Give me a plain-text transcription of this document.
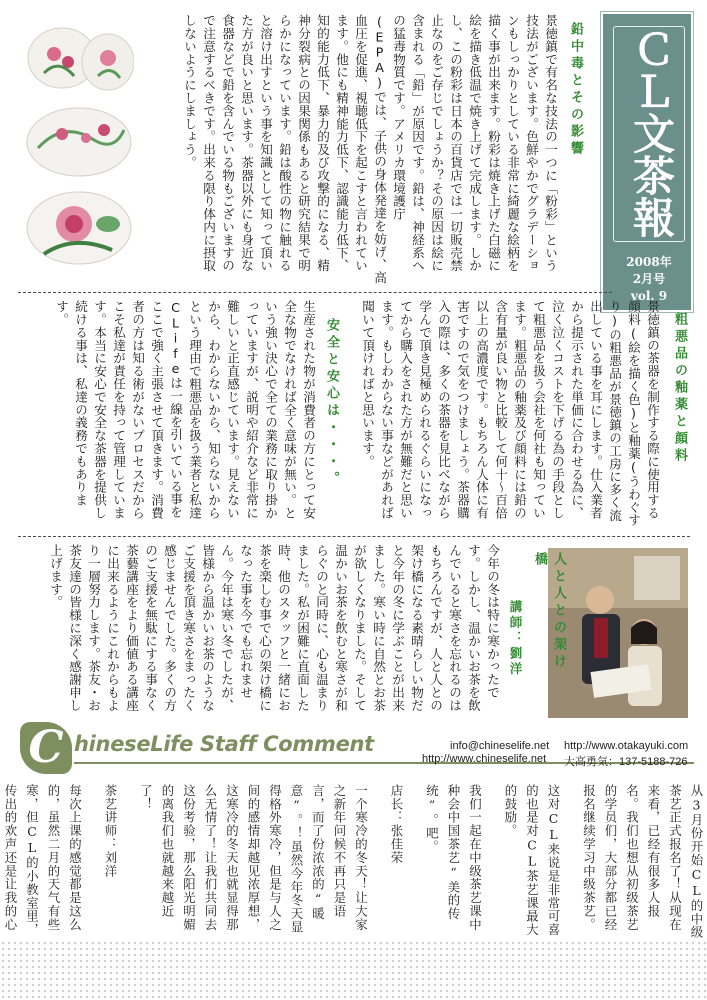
ＣＬ文茶報
2008年
2月号
vol. 9
鉛中毒とその影響
景徳鎮で有名な技法の一つに「粉彩」という技法がございます。色鮮やかでグラデーションもしっかりとしている非常に綺麗な絵柄を描く事が出来ます。粉彩は焼き上げた白磁に絵を描き低温で焼き上げて完成します。しかし、この粉彩は日本の百貨店では一切販売禁止なのをご存じでしょうか？その原因は絵に含まれる「鉛」が原因です。鉛は、神経系への猛毒物質です。アメリカ環境護庁(EPA)では、子供の身体発達を妨げ、高血圧を促進、視聴低下を起こすと言われています。他にも精神能力低下、認識能力低下、知的能力低下、暴力的及び攻撃的になる、精神分裂病との因果関係もあると研究結果で明らかになっています。鉛は酸性の物に触れると溶け出すという事を知識として知って頂いた方が良いと思います。茶器以外にも身近な食器などで鉛を含んでいる物もございますので注意するべきです。出来る限り体内に摂取しないようにしましょう。
粗悪品の釉薬と顔料
景徳鎮の茶器を制作する際に使用する顔料(絵を描く色)と釉薬(うわぐすり)の粗悪品が景徳鎮の工房に多く流出している事を耳にします。仕入業者から提示された単価に合わせる為に、泣く泣くコストを下げる為の手段として粗悪品を扱う会社を何社も知っています。粗悪品の釉薬及び顔料には鉛の含有量が良い物と比較して何十～百倍以上の高濃度です。もちろん人体に有害ですので気をつけましょう。茶器購入の際は、多くの茶器を見比べながら学んで頂き見極められるぐらいになってから購入をされた方が無難だと思います。もしわからない事などがあれば聞いて頂ければと思います。
安全と安心は・・・。
生産された物が消費者の方にとって安全な物でなければ全く意味が無い。という強い決心で全ての業務に取り掛かっていますが、説明や紹介など非常に難しいと正直感じています。見えないから、わからないから、知らないからという理由で粗悪品を扱う業者と私達CLifeは一線を引いている事をここで強く主張させて頂きます。消費者の方は知る術がないプロセスだからこそ私達が責任を持って管理しています。本当に安心で安全な茶器を提供し続ける事は、私達の義務でもあります。
人と人との架け橋
講師：劉洋
今年の冬は特に寒かったです。しかし、温かいお茶を飲んでいると寒さを忘れるのはもちろんですが、人と人との架け橋になる素晴らしい物だと今年の冬に学ぶことが出来ました。寒い時に自然とお茶が欲しくなりました。そして温かいお茶を飲むと寒さが和らぐのと同時に、心も温まりました。私が困難に直面した時、他のスタッフと一緒にお茶を楽しむ事で心の架け橋になった事を今でも忘れません。今年は寒い冬でしたが、皆様から温かいお茶のようなご支援を頂き寒さをまったく感じませんでした。多くの方のご支援を無駄にする事なく茶藝講座をより価値ある講座に出来るようにこれからもより一層努力します。茶友・お茶友達の皆様に深く感謝申し上げます。
C hineseLife Staff Comment	info@chineselife.net
http://www.chineselife.net
http://www.otakayuki.com
大高勇気：137-5188-726
从3月份开始CL的中级茶艺正式报名了！从现在来看，已经有很多人报名。我们也想从初级茶艺的学员们，大部分都已经报名继续学习中级茶艺。
这对CL来说是非常可喜的也是对CL茶艺课最大的鼓励。
我们一起在中级茶艺课中种会中国茶艺“美的传统”。吧。
店长：张佳荣
一个寒冷的冬天！让大家之新年问候不再只是语言，而了份浓浓的“暖意”。！虽然今年冬天显得格外寒冷，但是与人之间的感情却越见浓厚想，这寒冷的冬天也就显得那么无情了！让我们共同去这份考验，那么阳光明媚的离我们也就越来越近了！
茶艺讲师：刘洋
每次上课的感觉都是这么的，虽然二月的天气有些寒，但CL的小教室里，传出的欢声还是让我的心
